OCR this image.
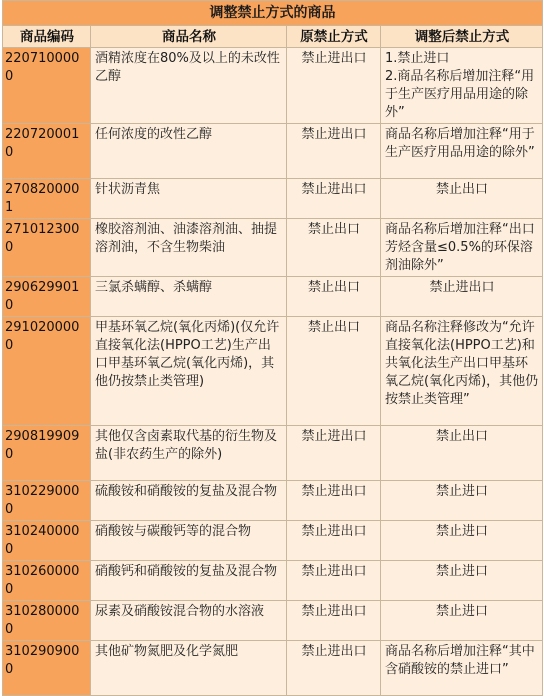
调整禁止方式的商品			
商品编码	商品名称	原禁止方式	调整后禁止方式
2207100000	酒精浓度在80%及以上的未改性乙醇	禁止进出口	1.禁止进口
2.商品名称后增加注释“用于生产医疗用品用途的除外”

2207200010	任何浓度的改性乙醇	禁止进出口	商品名称后增加注释“用于生产医疗用品用途的除外”

2708200001	针状沥青焦	禁止进出口	禁止出口

2710123000	橡胶溶剂油、油漆溶剂油、抽提溶剂油，不含生物柴油	禁止出口	商品名称后增加注释“出口芳烃含量≤0.5%的环保溶剂油除外”

2906299010	三氯杀螨醇、杀螨醇	禁止出口	禁止进出口

2910200000	甲基环氧乙烷(氧化丙烯)(仅允许直接氧化法(HPPO工艺)生产出口甲基环氧乙烷(氧化丙烯)，其他仍按禁止类管理)	禁止出口	商品名称注释修改为“允许直接氧化法(HPPO工艺)和共氧化法生产出口甲基环氧乙烷(氧化丙烯)，其他仍按禁止类管理”

2908199090	其他仅含卤素取代基的衍生物及盐(非农药生产的除外)	禁止进出口	禁止出口

3102290000	硫酸铵和硝酸铵的复盐及混合物	禁止进出口	禁止进口

3102400000	硝酸铵与碳酸钙等的混合物	禁止进出口	禁止进口

3102600000	硝酸钙和硝酸铵的复盐及混合物	禁止进出口	禁止进口

3102800000	尿素及硝酸铵混合物的水溶液	禁止进出口	禁止进口

3102909000	其他矿物氮肥及化学氮肥	禁止进出口	商品名称后增加注释“其中含硝酸铵的禁止进口”
